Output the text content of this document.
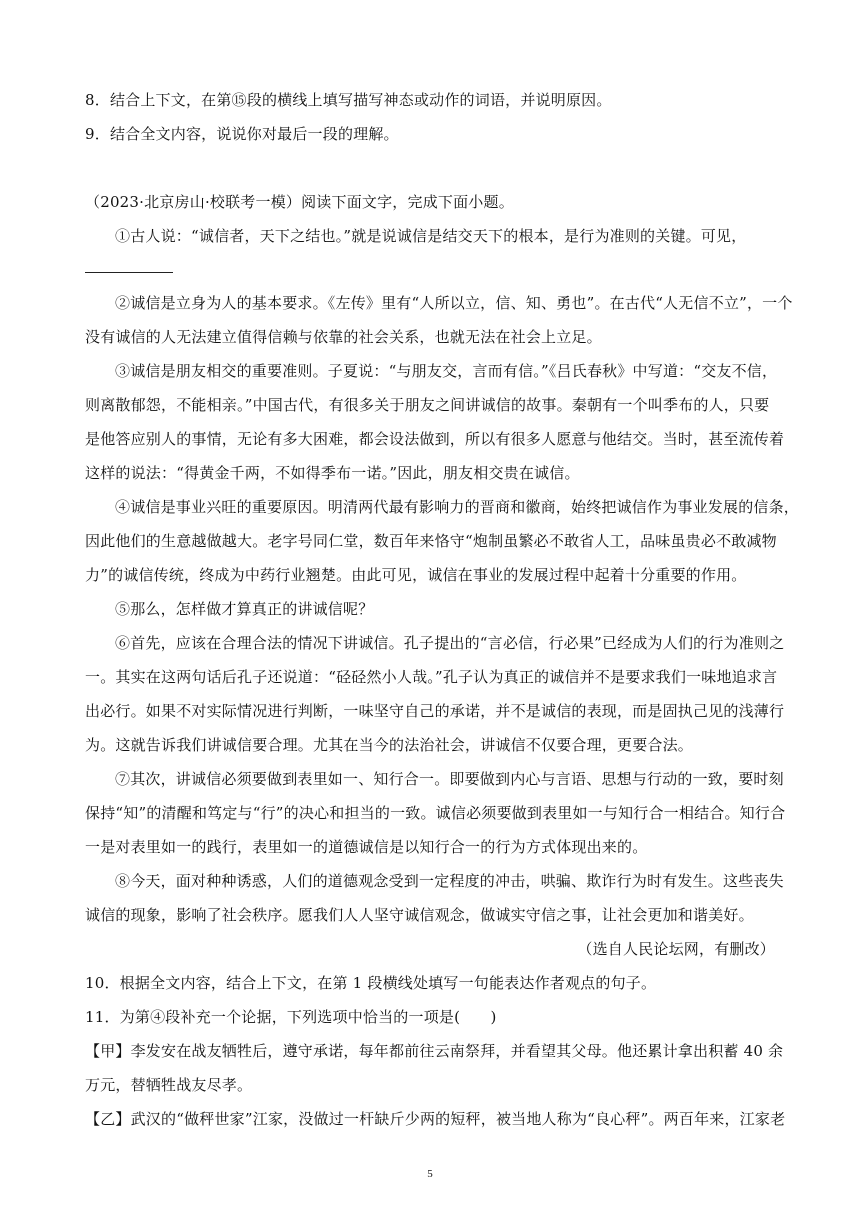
8．结合上下文，在第⑮段的横线上填写描写神态或动作的词语，并说明原因。
9．结合全文内容，说说你对最后一段的理解。
（2023·北京房山·校联考一模）阅读下面文字，完成下面小题。
①古人说：“诚信者，天下之结也。”就是说诚信是结交天下的根本，是行为准则的关键。可见，
②诚信是立身为人的基本要求。《左传》里有“人所以立，信、知、勇也”。在古代“人无信不立”，一个
没有诚信的人无法建立值得信赖与依靠的社会关系，也就无法在社会上立足。
③诚信是朋友相交的重要准则。子夏说：“与朋友交，言而有信。”《吕氏春秋》中写道：“交友不信，
则离散郁怨，不能相亲。”中国古代，有很多关于朋友之间讲诚信的故事。秦朝有一个叫季布的人，只要
是他答应别人的事情，无论有多大困难，都会设法做到，所以有很多人愿意与他结交。当时，甚至流传着
这样的说法：“得黄金千两，不如得季布一诺。”因此，朋友相交贵在诚信。
④诚信是事业兴旺的重要原因。明清两代最有影响力的晋商和徽商，始终把诚信作为事业发展的信条，
因此他们的生意越做越大。老字号同仁堂，数百年来恪守“炮制虽繁必不敢省人工，品味虽贵必不敢减物
力”的诚信传统，终成为中药行业翘楚。由此可见，诚信在事业的发展过程中起着十分重要的作用。
⑤那么，怎样做才算真正的讲诚信呢？
⑥首先，应该在合理合法的情况下讲诚信。孔子提出的“言必信，行必果”已经成为人们的行为准则之
一。其实在这两句话后孔子还说道：“硁硁然小人哉。”孔子认为真正的诚信并不是要求我们一味地追求言
出必行。如果不对实际情况进行判断，一味坚守自己的承诺，并不是诚信的表现，而是固执己见的浅薄行
为。这就告诉我们讲诚信要合理。尤其在当今的法治社会，讲诚信不仅要合理，更要合法。
⑦其次，讲诚信必须要做到表里如一、知行合一。即要做到内心与言语、思想与行动的一致，要时刻
保持“知”的清醒和笃定与“行”的决心和担当的一致。诚信必须要做到表里如一与知行合一相结合。知行合
一是对表里如一的践行，表里如一的道德诚信是以知行合一的行为方式体现出来的。
⑧今天，面对种种诱惑，人们的道德观念受到一定程度的冲击，哄骗、欺诈行为时有发生。这些丧失
诚信的现象，影响了社会秩序。愿我们人人坚守诚信观念，做诚实守信之事，让社会更加和谐美好。
（选自人民论坛网，有删改）
10．根据全文内容，结合上下文，在第 1 段横线处填写一句能表达作者观点的句子。
11．为第④段补充一个论据，下列选项中恰当的一项是(　　)
【甲】李发安在战友牺牲后，遵守承诺，每年都前往云南祭拜，并看望其父母。他还累计拿出积蓄 40 余
万元，替牺牲战友尽孝。
【乙】武汉的“做秤世家”江家，没做过一杆缺斤少两的短秤，被当地人称为“良心秤”。两百年来，江家老
5
